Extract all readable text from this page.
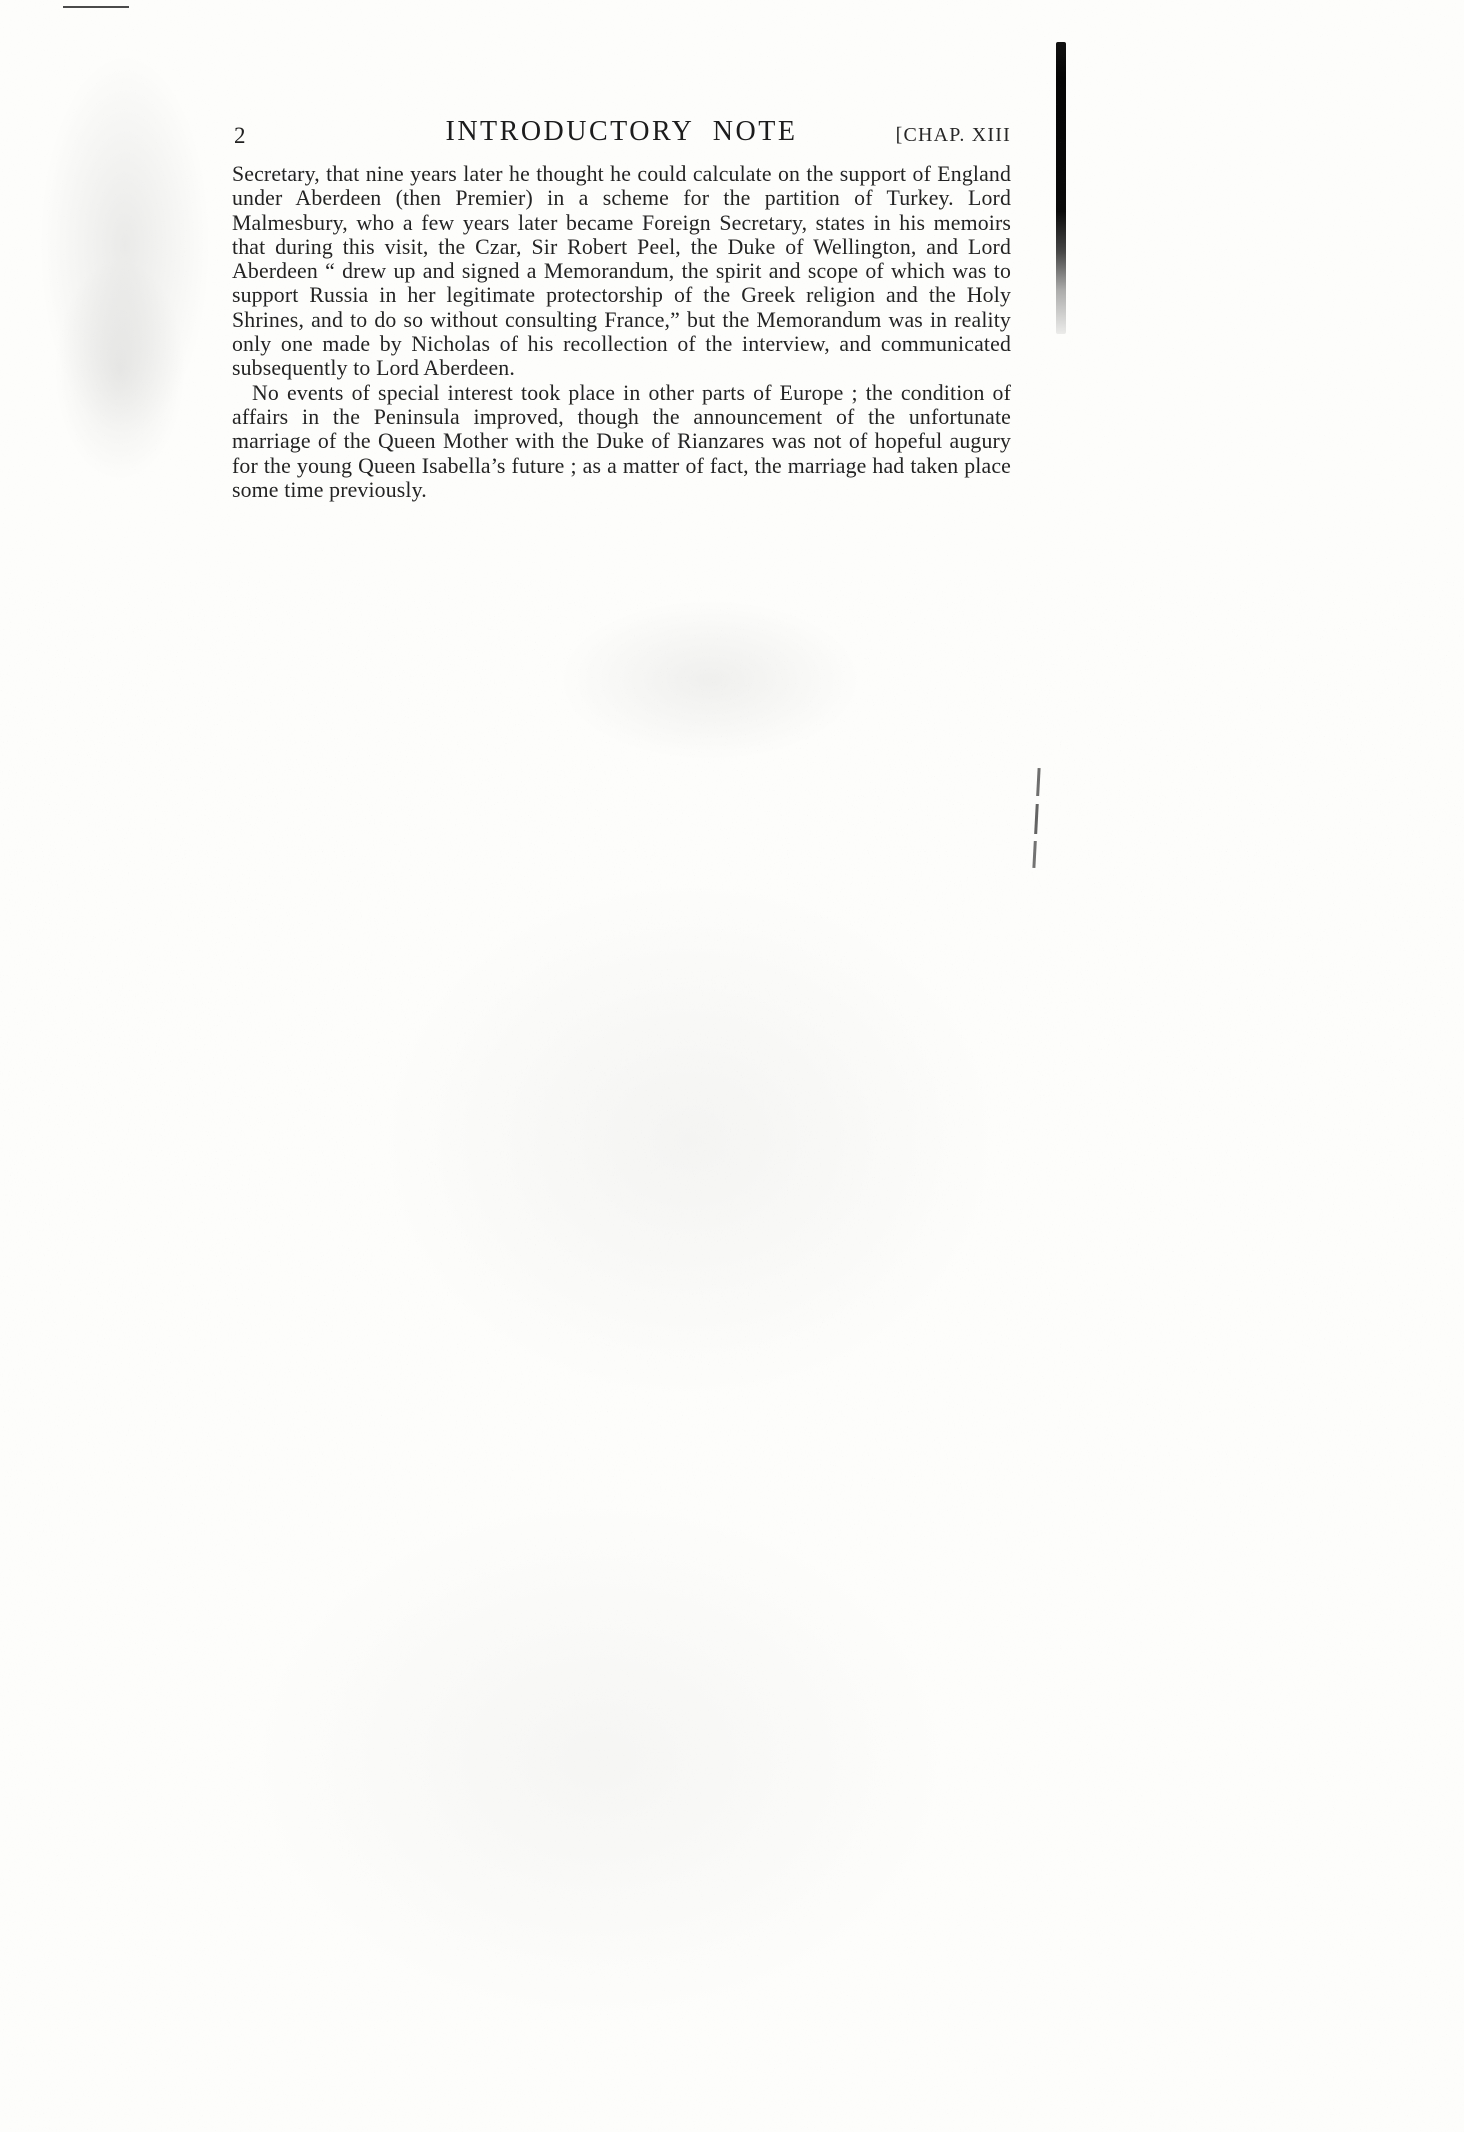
2	INTRODUCTORY NOTE	[CHAP. XIII

Secretary, that nine years later he thought he could calculate on the support of England under Aberdeen (then Premier) in a scheme for the partition of Turkey. Lord Malmesbury, who a few years later became Foreign Secretary, states in his memoirs that during this visit, the Czar, Sir Robert Peel, the Duke of Wellington, and Lord Aberdeen “ drew up and signed a Memorandum, the spirit and scope of which was to support Russia in her legitimate protectorship of the Greek religion and the Holy Shrines, and to do so without consulting France,” but the Memorandum was in reality only one made by Nicholas of his recollection of the interview, and communicated subsequently to Lord Aberdeen.

No events of special interest took place in other parts of Europe ; the condition of affairs in the Peninsula improved, though the announcement of the unfortunate marriage of the Queen Mother with the Duke of Rianzares was not of hopeful augury for the young Queen Isabella’s future ; as a matter of fact, the marriage had taken place some time previously.
